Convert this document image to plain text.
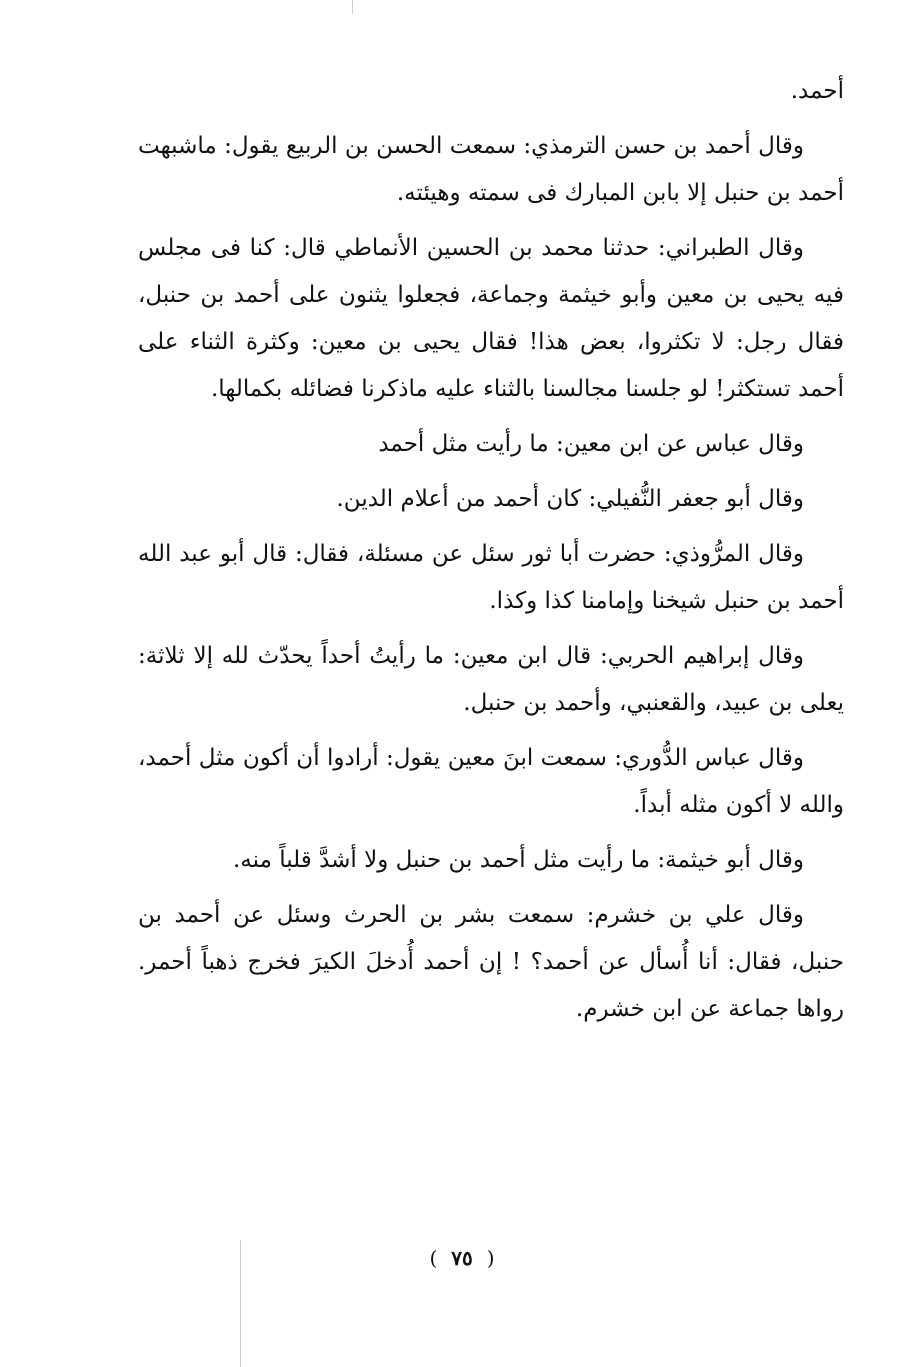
أحمد.

وقال أحمد بن حسن الترمذي: سمعت الحسن بن الربيع يقول: ماشبهت أحمد بن حنبل إلا بابن المبارك فى سمته وهيئته.

وقال الطبراني: حدثنا محمد بن الحسين الأنماطي قال: كنا فى مجلس فيه يحيى بن معين وأبو خيثمة وجماعة، فجعلوا يثنون على أحمد بن حنبل، فقال رجل: لا تكثروا، بعض هذا! فقال يحيى بن معين: وكثرة الثناء على أحمد تستكثر! لو جلسنا مجالسنا بالثناء عليه ماذكرنا فضائله بكمالها.

وقال عباس عن ابن معين: ما رأيت مثل أحمد

وقال أبو جعفر النُّفيلي: كان أحمد من أعلام الدين.

وقال المرُّوذي: حضرت أبا ثور سئل عن مسئلة، فقال: قال أبو عبد الله أحمد بن حنبل شيخنا وإمامنا كذا وكذا.

وقال إبراهيم الحربي: قال ابن معين: ما رأيتُ أحداً يحدّث لله إلا ثلاثة: يعلى بن عبيد، والقعنبي، وأحمد بن حنبل.

وقال عباس الدُّوري: سمعت ابنَ معين يقول: أرادوا أن أكون مثل أحمد، والله لا أكون مثله أبداً.

وقال أبو خيثمة: ما رأيت مثل أحمد بن حنبل ولا أشدَّ قلباً منه.

وقال علي بن خشرم: سمعت بشر بن الحرث وسئل عن أحمد بن حنبل، فقال: أنا أُسأل عن أحمد؟ ! إن أحمد أُدخلَ الكيرَ فخرج ذهباً أحمر. رواها جماعة عن ابن خشرم.

(٧٥)
